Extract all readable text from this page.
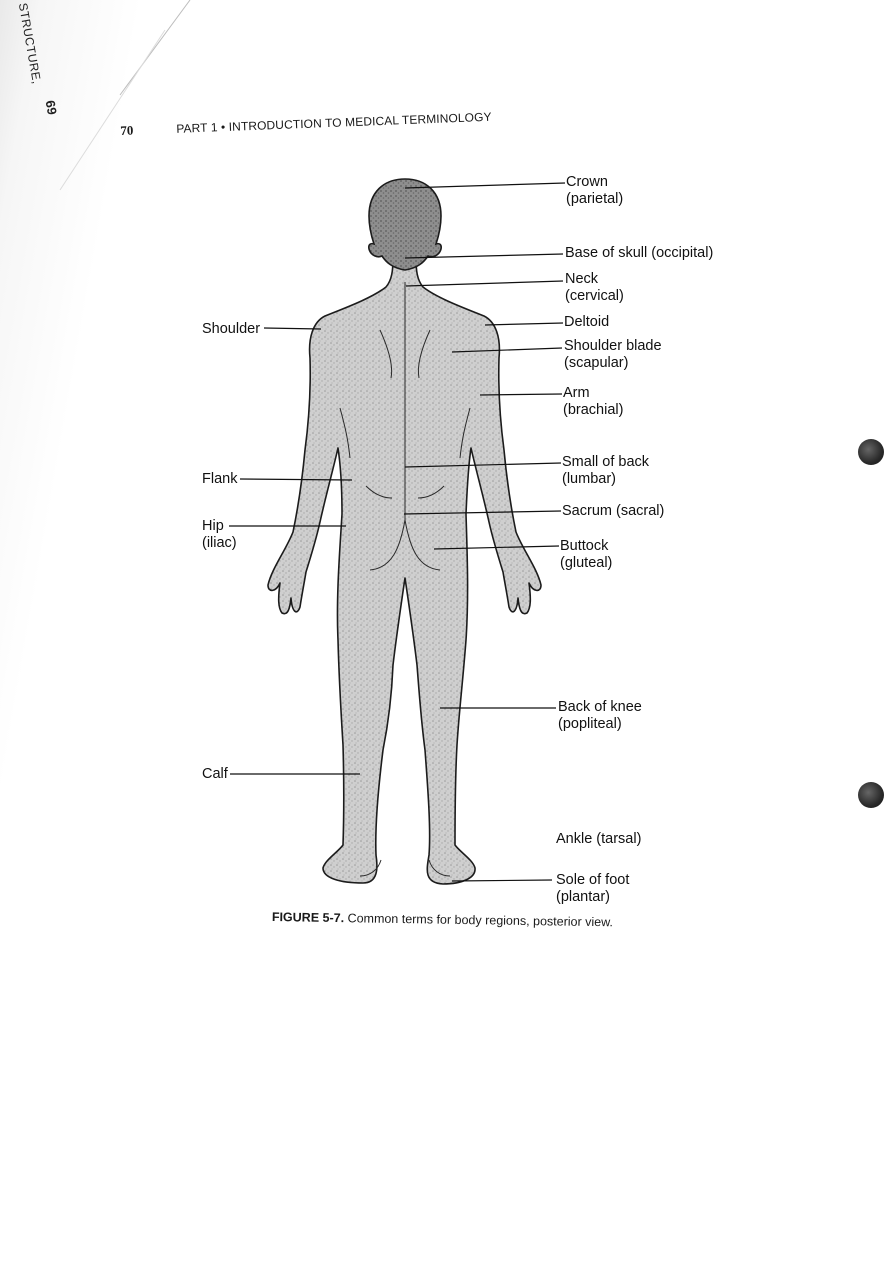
STRUCTURE,
69
70	PART 1 • INTRODUCTION TO MEDICAL TERMINOLOGY
Crown
(parietal)
Base of skull (occipital)
Neck
(cervical)
Deltoid
Shoulder blade
(scapular)
Arm
(brachial)
Small of back
(lumbar)
Sacrum (sacral)
Buttock
(gluteal)
Back of knee
(popliteal)
Ankle (tarsal)
Sole of foot
(plantar)
Shoulder
Flank
Hip
(iliac)
Calf
FIGURE 5-7. Common terms for body regions, posterior view.
